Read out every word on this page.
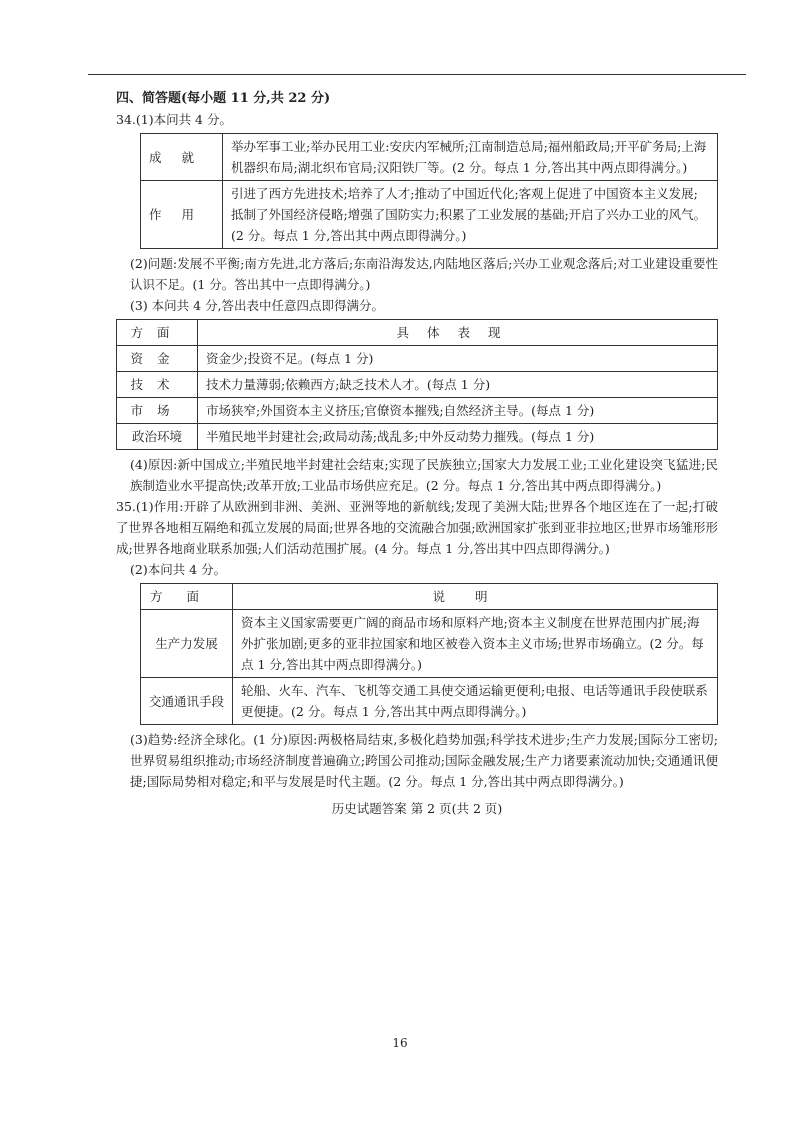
四、简答题(每小题 11 分,共 22 分)

34.(1)本问共 4 分。

成就	举办军事工业;举办民用工业:安庆内军械所;江南制造总局;福州船政局;开平矿务局;上海机器织布局;湖北织布官局;汉阳铁厂等。(2 分。每点 1 分,答出其中两点即得满分。)
作用	引进了西方先进技术;培养了人才;推动了中国近代化;客观上促进了中国资本主义发展;抵制了外国经济侵略;增强了国防实力;积累了工业发展的基础;开启了兴办工业的风气。(2 分。每点 1 分,答出其中两点即得满分。)

(2)问题:发展不平衡;南方先进,北方落后;东南沿海发达,内陆地区落后;兴办工业观念落后;对工业建设重要性认识不足。(1 分。答出其中一点即得满分。)

(3) 本问共 4 分,答出表中任意四点即得满分。

方面	具体表现
资金	资金少;投资不足。(每点 1 分)
技术	技术力量薄弱;依赖西方;缺乏技术人才。(每点 1 分)
市场	市场狭窄;外国资本主义挤压;官僚资本摧残;自然经济主导。(每点 1 分)
政治环境	半殖民地半封建社会;政局动荡;战乱多;中外反动势力摧残。(每点 1 分)

(4)原因:新中国成立;半殖民地半封建社会结束;实现了民族独立;国家大力发展工业;工业化建设突飞猛进;民族制造业水平提高快;改革开放;工业品市场供应充足。(2 分。每点 1 分,答出其中两点即得满分。)

35.(1)作用:开辟了从欧洲到非洲、美洲、亚洲等地的新航线;发现了美洲大陆;世界各个地区连在了一起;打破了世界各地相互隔绝和孤立发展的局面;世界各地的交流融合加强;欧洲国家扩张到亚非拉地区;世界市场雏形形成;世界各地商业联系加强;人们活动范围扩展。(4 分。每点 1 分,答出其中四点即得满分。)

(2)本问共 4 分。

方面	说明
生产力发展	资本主义国家需要更广阔的商品市场和原料产地;资本主义制度在世界范围内扩展;海外扩张加剧;更多的亚非拉国家和地区被卷入资本主义市场;世界市场确立。(2 分。每点 1 分,答出其中两点即得满分。)
交通通讯手段	轮船、火车、汽车、飞机等交通工具使交通运输更便利;电报、电话等通讯手段使联系更便捷。(2 分。每点 1 分,答出其中两点即得满分。)

(3)趋势:经济全球化。(1 分)原因:两极格局结束,多极化趋势加强;科学技术进步;生产力发展;国际分工密切;世界贸易组织推动;市场经济制度普遍确立;跨国公司推动;国际金融发展;生产力诸要素流动加快;交通通讯便捷;国际局势相对稳定;和平与发展是时代主题。(2 分。每点 1 分,答出其中两点即得满分。)

历史试题答案 第 2 页(共 2 页)
16
